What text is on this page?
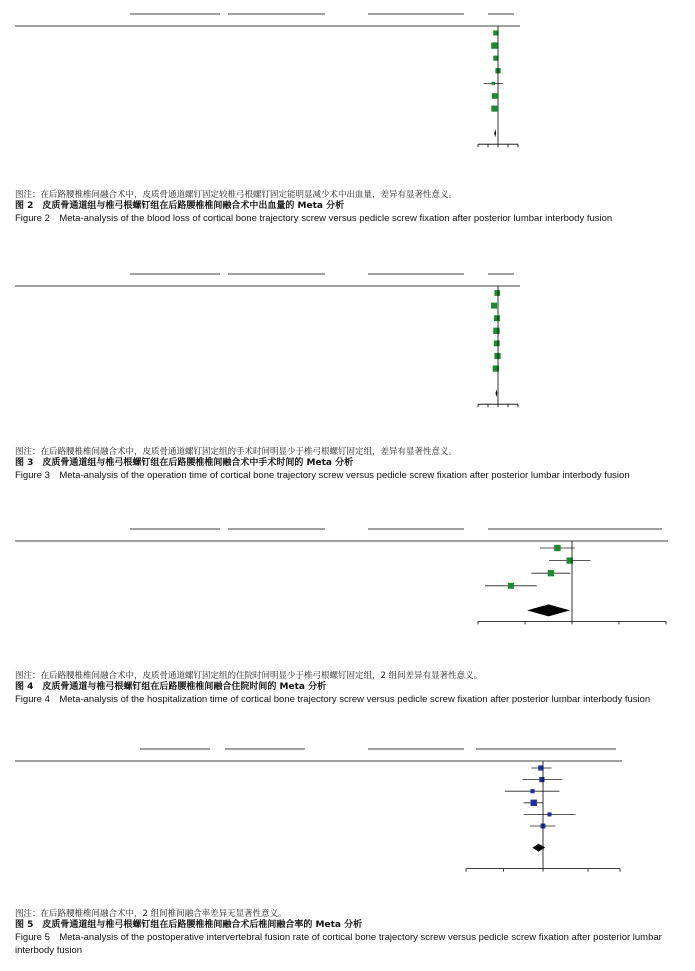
图注：在后路腰椎椎间融合术中，皮质骨通道螺钉固定较椎弓根螺钉固定能明显减少术中出血量，差异有显著性意义。
图 2　皮质骨通道组与椎弓根螺钉组在后路腰椎椎间融合术中出血量的 Meta 分析
Figure 2　Meta-analysis of the blood loss of cortical bone trajectory screw versus pedicle screw fixation after posterior lumbar interbody fusion
图注：在后路腰椎椎间融合术中，皮质骨通道螺钉固定组的手术时间明显少于椎弓根螺钉固定组，差异有显著性意义。
图 3　皮质骨通道组与椎弓根螺钉组在后路腰椎椎间融合术中手术时间的 Meta 分析
Figure 3　Meta-analysis of the operation time of cortical bone trajectory screw versus pedicle screw fixation after posterior lumbar interbody fusion
图注：在后路腰椎椎间融合术中，皮质骨通道螺钉固定组的住院时间明显少于椎弓根螺钉固定组，2 组间差异有显著性意义。
图 4　皮质骨通道与椎弓根螺钉组在后路腰椎椎间融合住院时间的 Meta 分析
Figure 4　Meta-analysis of the hospitalization time of cortical bone trajectory screw versus pedicle screw fixation after posterior lumbar interbody fusion
图注：在后路腰椎椎间融合术中，2 组间椎间融合率差异无显著性意义。
图 5　皮质骨通道组与椎弓根螺钉组在后路腰椎椎间融合术后椎间融合率的 Meta 分析
Figure 5　Meta-analysis of the postoperative intervertebral fusion rate of cortical bone trajectory screw versus pedicle screw fixation after posterior lumbar interbody fusion
